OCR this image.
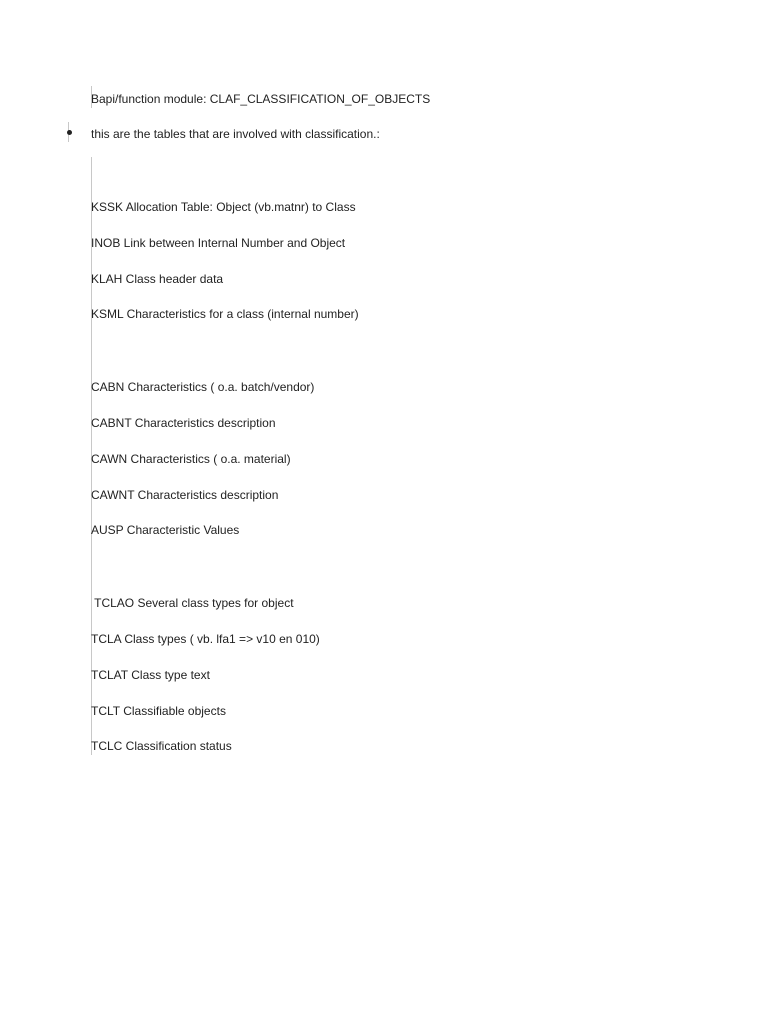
Bapi/function module: CLAF_CLASSIFICATION_OF_OBJECTS
this are the tables that are involved with classification.:
KSSK Allocation Table: Object (vb.matnr) to Class
INOB Link between Internal Number and Object
KLAH Class header data
KSML Characteristics for a class (internal number)
CABN Characteristics ( o.a. batch/vendor)
CABNT Characteristics description
CAWN Characteristics ( o.a. material)
CAWNT Characteristics description
AUSP Characteristic Values
TCLAO Several class types for object
TCLA Class types ( vb. lfa1 => v10 en 010)
TCLAT Class type text
TCLT Classifiable objects
TCLC Classification status
